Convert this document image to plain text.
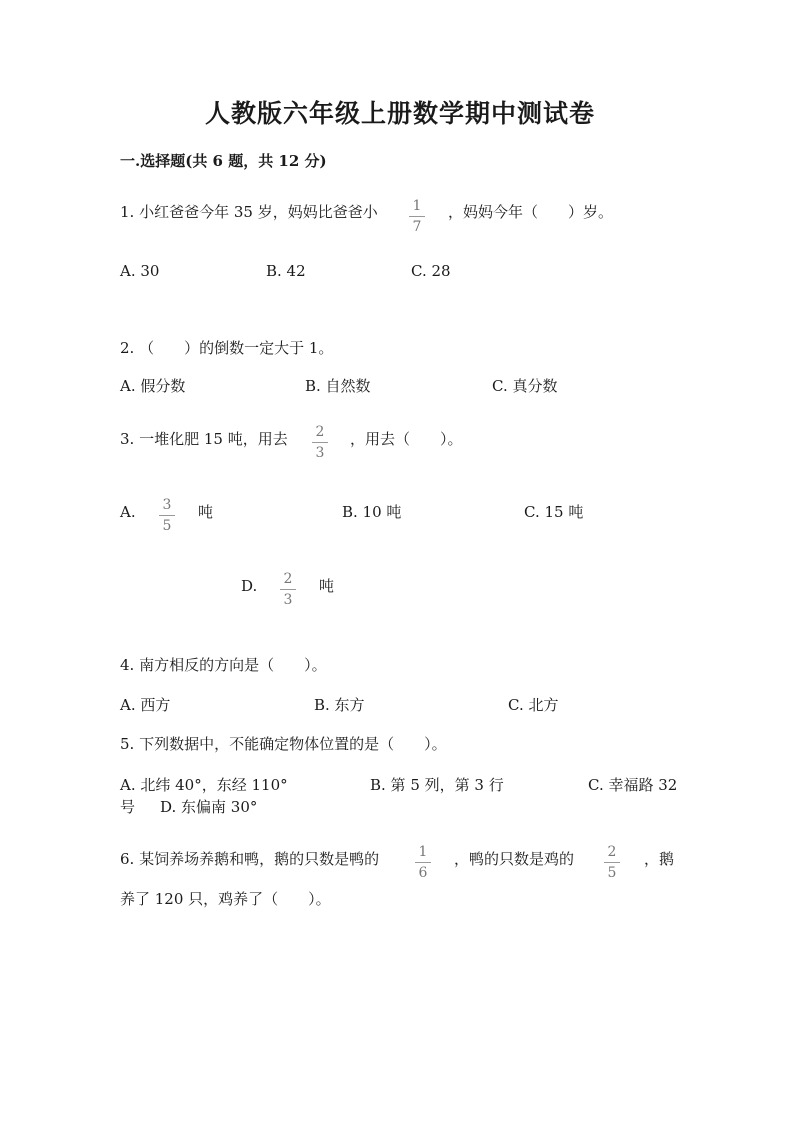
人教版六年级上册数学期中测试卷
一.选择题(共 6 题，共 12 分)
1. 小红爸爸今年 35 岁，妈妈比爸爸小	1
7
，妈妈今年（　　）岁。
A. 30	B. 42	C. 28
2. （　　）的倒数一定大于 1。
A. 假分数	B. 自然数	C. 真分数
3. 一堆化肥 15 吨，用去	2
3
，用去（　　）。
A.	3
5
吨	B. 10 吨	C. 15 吨
D.	2
3
吨
4. 南方相反的方向是（　　）。
A. 西方	B. 东方	C. 北方
5. 下列数据中，不能确定物体位置的是（　　）。
A. 北纬 40°，东经 110°	B. 第 5 列，第 3 行	C. 幸福路 32
号 D. 东偏南 30°
6. 某饲养场养鹅和鸭，鹅的只数是鸭的	1
6
，鸭的只数是鸡的	2
5
，鹅
养了 120 只，鸡养了（　　）。
